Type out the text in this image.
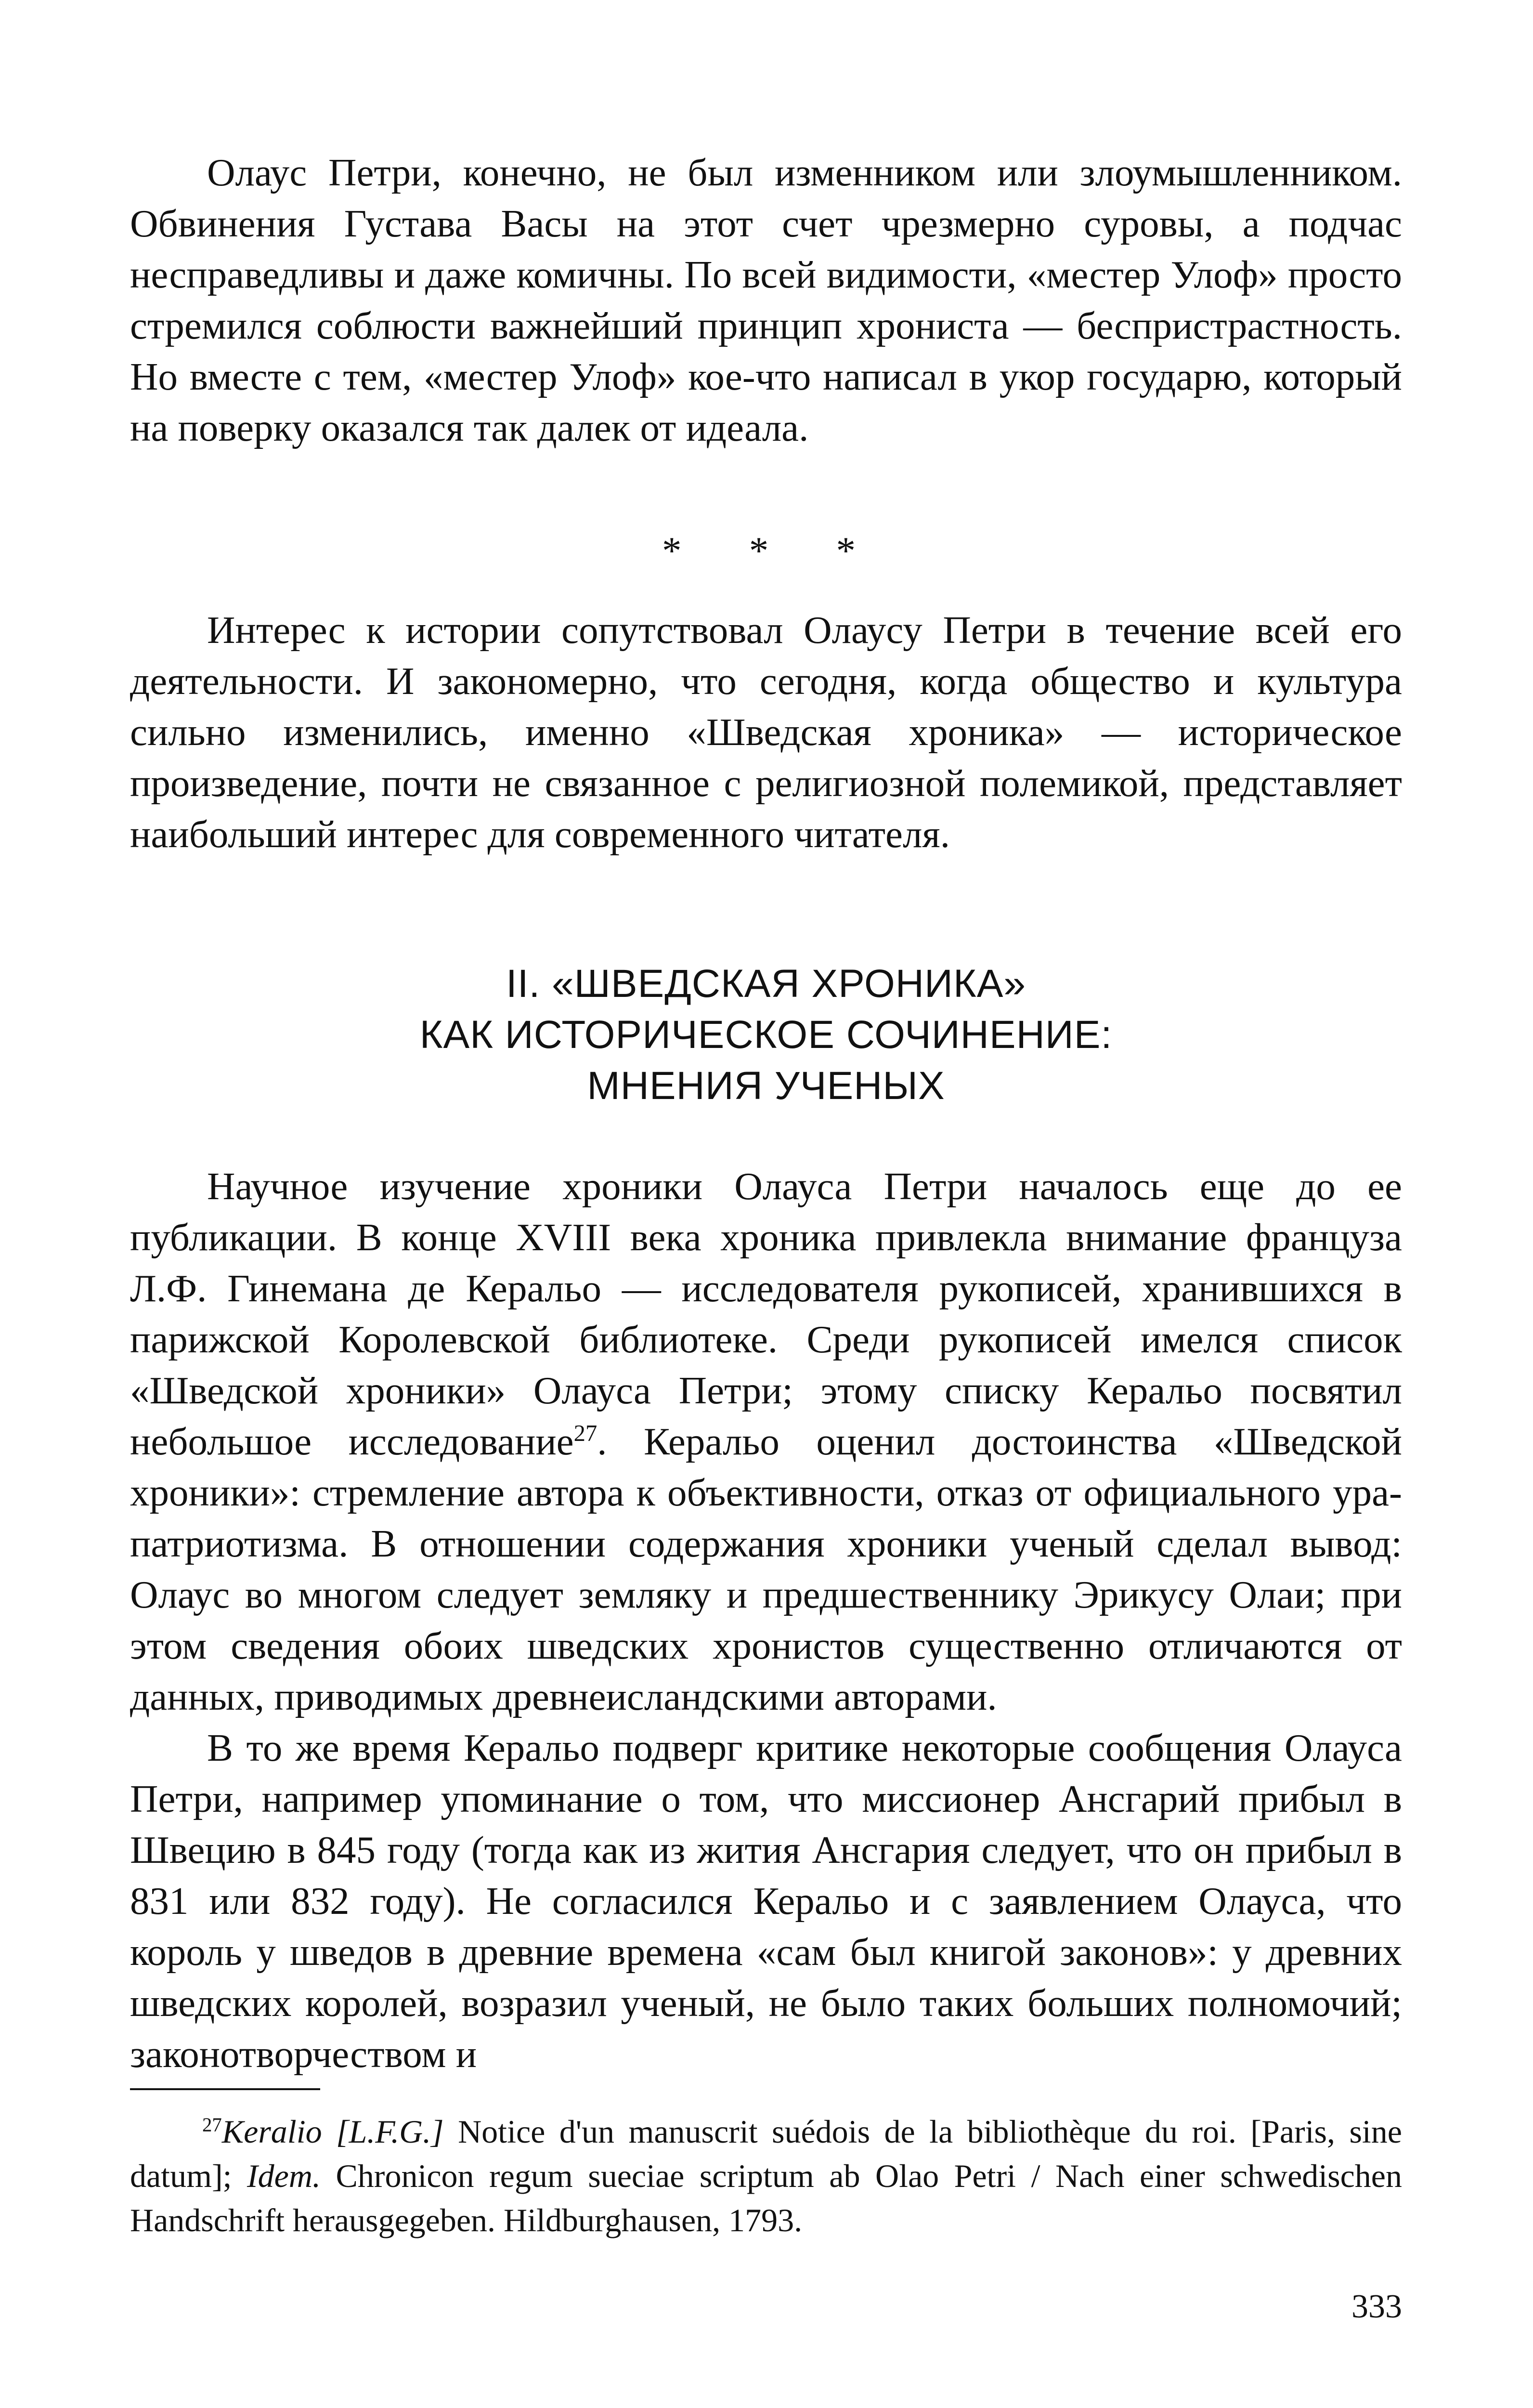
Олаус Петри, конечно, не был изменником или злоумышленником. Обвинения Густава Васы на этот счет чрезмерно суровы, а подчас несправедливы и даже комичны. По всей видимости, «местер Улоф» просто стремился соблюсти важнейший принцип хрониста — беспристрастность. Но вместе с тем, «местер Улоф» кое-что написал в укор государю, который на поверку оказался так далек от идеала.

* * *

Интерес к истории сопутствовал Олаусу Петри в течение всей его деятельности. И закономерно, что сегодня, когда общество и культура сильно изменились, именно «Шведская хроника» — историческое произведение, почти не связанное с религиозной полемикой, представляет наибольший интерес для современного читателя.

II. «ШВЕДСКАЯ ХРОНИКА»
КАК ИСТОРИЧЕСКОЕ СОЧИНЕНИЕ:
МНЕНИЯ УЧЕНЫХ

Научное изучение хроники Олауса Петри началось еще до ее публикации. В конце XVIII века хроника привлекла внимание француза Л.Ф. Гинемана де Керальо — исследователя рукописей, хранившихся в парижской Королевской библиотеке. Среди рукописей имелся список «Шведской хроники» Олауса Петри; этому списку Керальо посвятил небольшое исследование$^{27}$. Керальо оценил достоинства «Шведской хроники»: стремление автора к объективности, отказ от официального ура-патриотизма. В отношении содержания хроники ученый сделал вывод: Олаус во многом следует земляку и предшественнику Эрикусу Олаи; при этом сведения обоих шведских хронистов существенно отличаются от данных, приводимых древнеисландскими авторами.

В то же время Керальо подверг критике некоторые сообщения Олауса Петри, например упоминание о том, что миссионер Ансгарий прибыл в Швецию в 845 году (тогда как из жития Ансгария следует, что он прибыл в 831 или 832 году). Не согласился Керальо и с заявлением Олауса, что король у шведов в древние времена «сам был книгой законов»: у древних шведских королей, возразил ученый, не было таких больших полномочий; законотворчеством и

$^{27}$Keralio [L.F.G.] Notice d'un manuscrit suédois de la bibliothèque du roi. [Paris, sine datum]; Idem. Chronicon regum sueciae scriptum ab Olao Petri / Nach einer schwedischen Handschrift herausgegeben. Hildburghausen, 1793.

333
